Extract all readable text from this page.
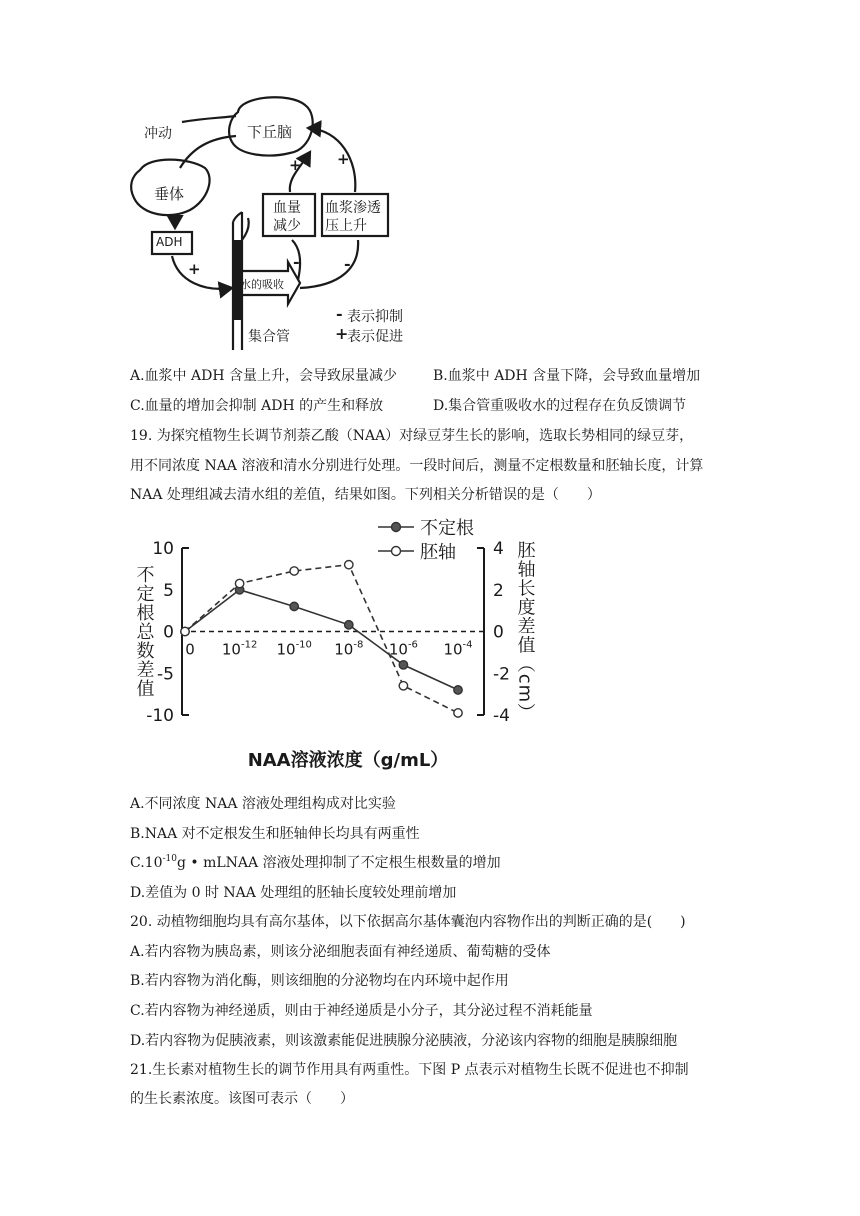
冲动	下丘脑
垂体
ADH
血量
减少
血浆渗透
压上升
水的吸收
集合管
+
+ +
-	-
- 表示抑制
+
表示促进
A.血浆中 ADH 含量上升，会导致尿量减少	B.血浆中 ADH 含量下降，会导致血量增加
C.血量的增加会抑制 ADH 的产生和释放	D.集合管重吸收水的过程存在负反馈调节
19. 为探究植物生长调节剂萘乙酸（NAA）对绿豆芽生长的影响，选取长势相同的绿豆芽，
用不同浓度 NAA 溶液和清水分别进行处理。一段时间后，测量不定根数量和胚轴长度，计算
NAA 处理组减去清水组的差值，结果如图。下列相关分析错误的是（　　）
10
5
0
-5
-10
4
2
0
-2
-4
0 $10^{-12}$ $10^{-10}$ $10^{-8}$ $10^{-6}$ $10^{-4}$
不定根总数差值	胚轴长度差值（cm）
NAA溶液浓度（g/mL）
不定根
胚轴
A.不同浓度 NAA 溶液处理组构成对比实验
B.NAA 对不定根发生和胚轴伸长均具有两重性
$C.10^{-10}g$ • mLNAA 溶液处理抑制了不定根生根数量的增加
D.差值为 0 时 NAA 处理组的胚轴长度较处理前增加
20. 动植物细胞均具有高尔基体，以下依据高尔基体囊泡内容物作出的判断正确的是(　　)
A.若内容物为胰岛素，则该分泌细胞表面有神经递质、葡萄糖的受体
B.若内容物为消化酶，则该细胞的分泌物均在内环境中起作用
C.若内容物为神经递质，则由于神经递质是小分子，其分泌过程不消耗能量
D.若内容物为促胰液素，则该激素能促进胰腺分泌胰液，分泌该内容物的细胞是胰腺细胞
21.生长素对植物生长的调节作用具有两重性。下图 P 点表示对植物生长既不促进也不抑制
的生长素浓度。该图可表示（　　）
